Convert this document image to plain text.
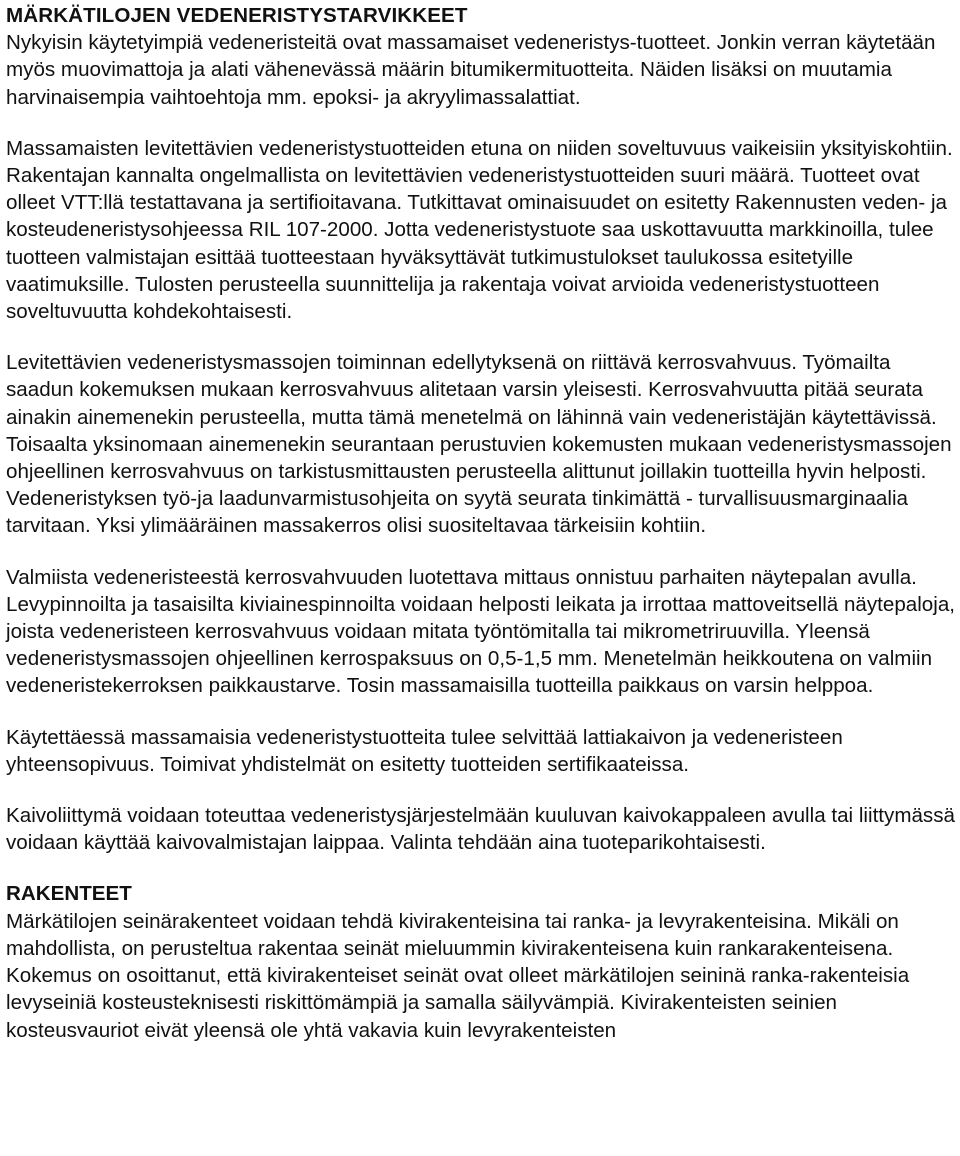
MÄRKÄTILOJEN VEDENERISTYSTARVIKKEET

Nykyisin käytetyimpiä vedeneristeitä ovat massamaiset vedeneristys-tuotteet. Jonkin verran käytetään myös muovimattoja ja alati vähenevässä määrin bitumikermituotteita. Näiden lisäksi on muutamia harvinaisempia vaihtoehtoja mm. epoksi- ja akryylimassalattiat.

Massamaisten levitettävien vedeneristystuotteiden etuna on niiden soveltuvuus vaikeisiin yksityiskohtiin. Rakentajan kannalta ongelmallista on levitettävien vedeneristystuotteiden suuri määrä. Tuotteet ovat olleet VTT:llä testattavana ja sertifioitavana. Tutkittavat ominaisuudet on esitetty Rakennusten veden- ja kosteudeneristysohjeessa RIL 107-2000. Jotta vedeneristystuote saa uskottavuutta markkinoilla, tulee tuotteen valmistajan esittää tuotteestaan hyväksyttävät tutkimustulokset taulukossa esitetyille vaatimuksille. Tulosten perusteella suunnittelija ja rakentaja voivat arvioida vedeneristystuotteen soveltuvuutta kohdekohtaisesti.

Levitettävien vedeneristysmassojen toiminnan edellytyksenä on riittävä kerrosvahvuus. Työmailta saadun kokemuksen mukaan kerrosvahvuus alitetaan varsin yleisesti. Kerrosvahvuutta pitää seurata ainakin ainemenekin perusteella, mutta tämä menetelmä on lähinnä vain vedeneristäjän käytettävissä. Toisaalta yksinomaan ainemenekin seurantaan perustuvien kokemusten mukaan vedeneristysmassojen ohjeellinen kerrosvahvuus on tarkistusmittausten perusteella alittunut joillakin tuotteilla hyvin helposti. Vedeneristyksen työ-ja laadunvarmistusohjeita on syytä seurata tinkimättä - turvallisuusmarginaalia tarvitaan. Yksi ylimääräinen massakerros olisi suositeltavaa tärkeisiin kohtiin.

Valmiista vedeneristeestä kerrosvahvuuden luotettava mittaus onnistuu parhaiten näytepalan avulla. Levypinnoilta ja tasaisilta kiviainespinnoilta voidaan helposti leikata ja irrottaa mattoveitsellä näytepaloja, joista vedeneristeen kerrosvahvuus voidaan mitata työntömitalla tai mikrometriruuvilla. Yleensä vedeneristysmassojen ohjeellinen kerrospaksuus on 0,5-1,5 mm. Menetelmän heikkoutena on valmiin vedeneristekerroksen paikkaustarve. Tosin massamaisilla tuotteilla paikkaus on varsin helppoa.

Käytettäessä massamaisia vedeneristystuotteita tulee selvittää lattiakaivon ja vedeneristeen yhteensopivuus. Toimivat yhdistelmät on esitetty tuotteiden sertifikaateissa.

Kaivoliittymä voidaan toteuttaa vedeneristysjärjestelmään kuuluvan kaivokappaleen avulla tai liittymässä voidaan käyttää kaivovalmistajan laippaa. Valinta tehdään aina tuoteparikohtaisesti.

RAKENTEET

Märkätilojen seinärakenteet voidaan tehdä kivirakenteisina tai ranka- ja levyrakenteisina. Mikäli on mahdollista, on perusteltua rakentaa seinät mieluummin kivirakenteisena kuin rankarakenteisena. Kokemus on osoittanut, että kivirakenteiset seinät ovat olleet märkätilojen seininä ranka-rakenteisia levyseiniä kosteusteknisesti riskittömämpiä ja samalla säilyvämpiä. Kivirakenteisten seinien kosteusvauriot eivät yleensä ole yhtä vakavia kuin levyrakenteisten
